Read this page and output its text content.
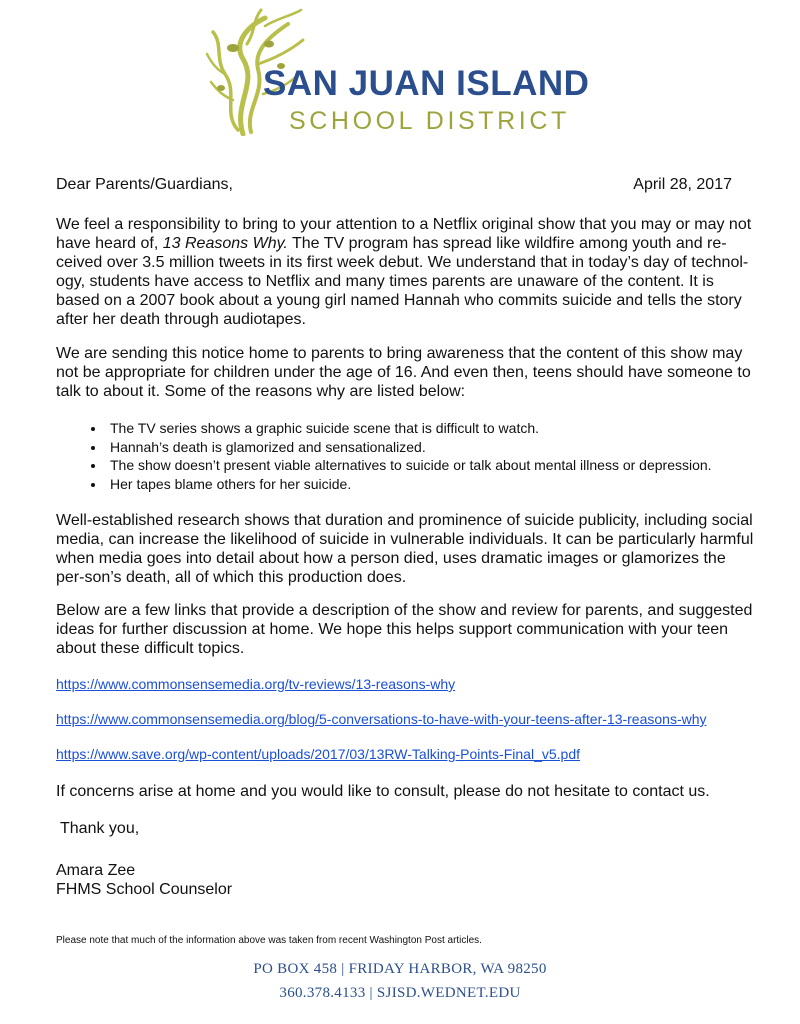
SAN JUAN ISLAND
SCHOOL DISTRICT
Dear Parents/Guardians,	April 28, 2017

We feel a responsibility to bring to your attention to a Netflix original show that you may or may not have heard of, 13 Reasons Why. The TV program has spread like wildfire among youth and re-ceived over 3.5 million tweets in its first week debut. We understand that in today’s day of technol-ogy, students have access to Netflix and many times parents are unaware of the content. It is based on a 2007 book about a young girl named Hannah who commits suicide and tells the story after her death through audiotapes.

We are sending this notice home to parents to bring awareness that the content of this show may not be appropriate for children under the age of 16. And even then, teens should have someone to talk to about it. Some of the reasons why are listed below:

• The TV series shows a graphic suicide scene that is difficult to watch.
• Hannah’s death is glamorized and sensationalized.
• The show doesn’t present viable alternatives to suicide or talk about mental illness or depression.
• Her tapes blame others for her suicide.

Well-established research shows that duration and prominence of suicide publicity, including social media, can increase the likelihood of suicide in vulnerable individuals. It can be particularly harmful when media goes into detail about how a person died, uses dramatic images or glamorizes the per-son’s death, all of which this production does.

Below are a few links that provide a description of the show and review for parents, and suggested ideas for further discussion at home. We hope this helps support communication with your teen about these difficult topics.

https://www.commonsensemedia.org/tv-reviews/13-reasons-why
https://www.commonsensemedia.org/blog/5-conversations-to-have-with-your-teens-after-13-reasons-why
https://www.save.org/wp-content/uploads/2017/03/13RW-Talking-Points-Final_v5.pdf
If concerns arise at home and you would like to consult, please do not hesitate to contact us.
Thank you,
Amara Zee
FHMS School Counselor
Please note that much of the information above was taken from recent Washington Post articles.
PO BOX 458 | FRIDAY HARBOR, WA 98250
360.378.4133 | SJISD.WEDNET.EDU
